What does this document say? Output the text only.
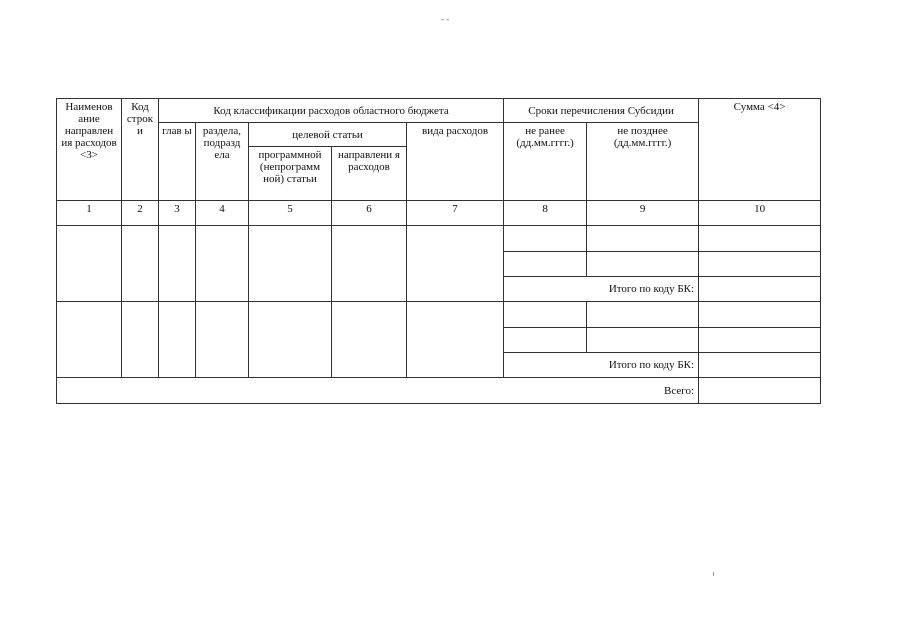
- -
Наименов ание направлен ия расходов <3>	Код строк и	Код классификации расходов областного бюджета					Сроки перечисления Субсидии		Сумма <4>
		глав ы	раздела, подразд ела	целевой статьи		вида расходов	не ранее (дд.мм.гггг.)	не позднее (дд.мм.гггг.)	
				программной (непрограмм ной) статьи	направлени я расходов				
1	2	3	4	5	6	7	8	9	10

							Итого по коду БК:		

							Итого по коду БК:		
Всего:									
